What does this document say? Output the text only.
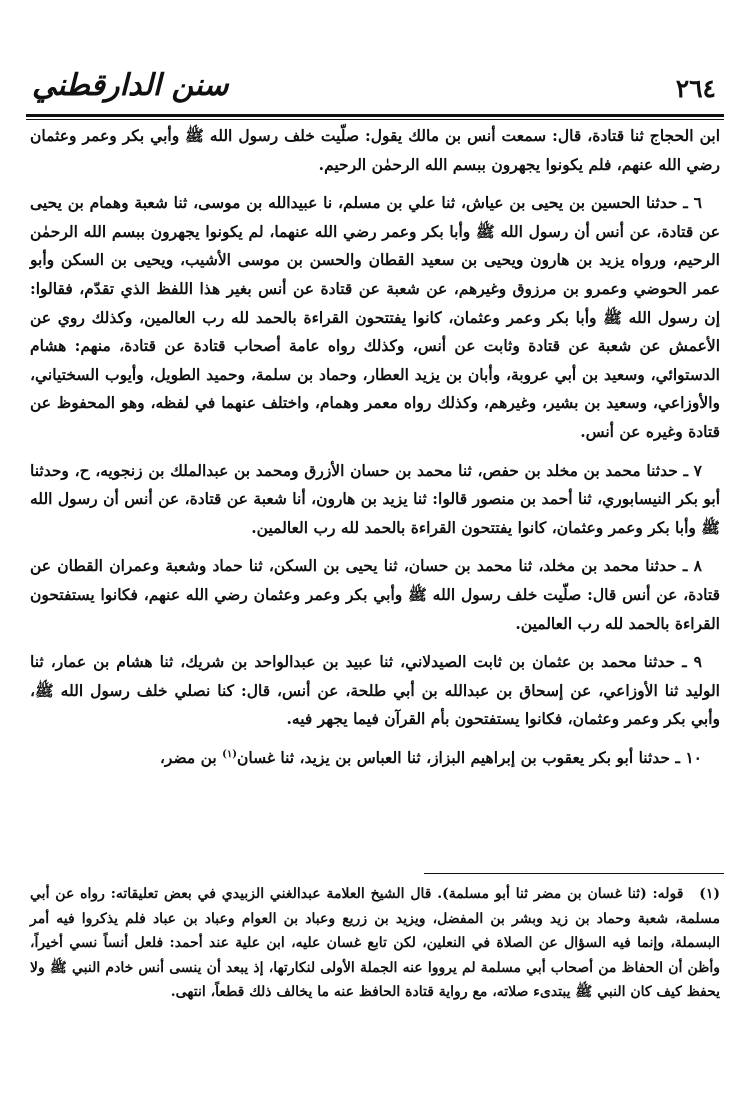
٢٦٤
سنن الدارقطني

ابن الحجاج ثنا قتادة، قال: سمعت أنس بن مالك يقول: صلّيت خلف رسول الله ﷺ وأبي بكر وعمر وعثمان رضي الله عنهم، فلم يكونوا يجهرون ببسم الله الرحمٰن الرحيم.

٦ ـ حدثنا الحسين بن يحيى بن عياش، ثنا علي بن مسلم، نا عبيدالله بن موسى، ثنا شعبة وهمام بن يحيى عن قتادة، عن أنس أن رسول الله ﷺ وأبا بكر وعمر رضي الله عنهما، لم يكونوا يجهرون ببسم الله الرحمٰن الرحيم، ورواه يزيد بن هارون ويحيى بن سعيد القطان والحسن بن موسى الأشيب، ويحيى بن السكن وأبو عمر الحوضي وعمرو بن مرزوق وغيرهم، عن شعبة عن قتادة عن أنس بغير هذا اللفظ الذي تقدّم، فقالوا: إن رسول الله ﷺ وأبا بكر وعمر وعثمان، كانوا يفتتحون القراءة بالحمد لله رب العالمين، وكذلك روي عن الأعمش عن شعبة عن قتادة وثابت عن أنس، وكذلك رواه عامة أصحاب قتادة عن قتادة، منهم: هشام الدستوائي، وسعيد بن أبي عروبة، وأبان بن يزيد العطار، وحماد بن سلمة، وحميد الطويل، وأيوب السختياني، والأوزاعي، وسعيد بن بشير، وغيرهم، وكذلك رواه معمر وهمام، واختلف عنهما في لفظه، وهو المحفوظ عن قتادة وغيره عن أنس.

٧ ـ حدثنا محمد بن مخلد بن حفص، ثنا محمد بن حسان الأزرق ومحمد بن عبدالملك بن زنجويه، ح، وحدثنا أبو بكر النيسابوري، ثنا أحمد بن منصور قالوا: ثنا يزيد بن هارون، أنا شعبة عن قتادة، عن أنس أن رسول الله ﷺ وأبا بكر وعمر وعثمان، كانوا يفتتحون القراءة بالحمد لله رب العالمين.

٨ ـ حدثنا محمد بن مخلد، ثنا محمد بن حسان، ثنا يحيى بن السكن، ثنا حماد وشعبة وعمران القطان عن قتادة، عن أنس قال: صلّيت خلف رسول الله ﷺ وأبي بكر وعمر وعثمان رضي الله عنهم، فكانوا يستفتحون القراءة بالحمد لله رب العالمين.

٩ ـ حدثنا محمد بن عثمان بن ثابت الصيدلاني، ثنا عبيد بن عبدالواحد بن شريك، ثنا هشام بن عمار، ثنا الوليد ثنا الأوزاعي، عن إسحاق بن عبدالله بن أبي طلحة، عن أنس، قال: كنا نصلي خلف رسول الله ﷺ، وأبي بكر وعمر وعثمان، فكانوا يستفتحون بأم القرآن فيما يجهر فيه.

١٠ ـ حدثنا أبو بكر يعقوب بن إبراهيم البزاز، ثنا العباس بن يزيد، ثنا غسان$^{(١)}$ بن مضر،

(١) قوله: (ثنا غسان بن مضر ثنا أبو مسلمة). قال الشيخ العلامة عبدالغني الزبيدي في بعض تعليقاته: رواه عن أبي مسلمة، شعبة وحماد بن زيد وبشر بن المفضل، ويزيد بن زريع وعباد بن العوام وعباد بن عباد فلم يذكروا فيه أمر البسملة، وإنما فيه السؤال عن الصلاة في النعلين، لكن تابع غسان عليه، ابن علية عند أحمد: فلعل أنساً نسي أخيراً، وأظن أن الحفاظ من أصحاب أبي مسلمة لم يرووا عنه الجملة الأولى لنكارتها، إذ يبعد أن ينسى أنس خادم النبي ﷺ ولا يحفظ كيف كان النبي ﷺ يبتدىء صلاته، مع رواية قتادة الحافظ عنه ما يخالف ذلك قطعاً، انتهى.
